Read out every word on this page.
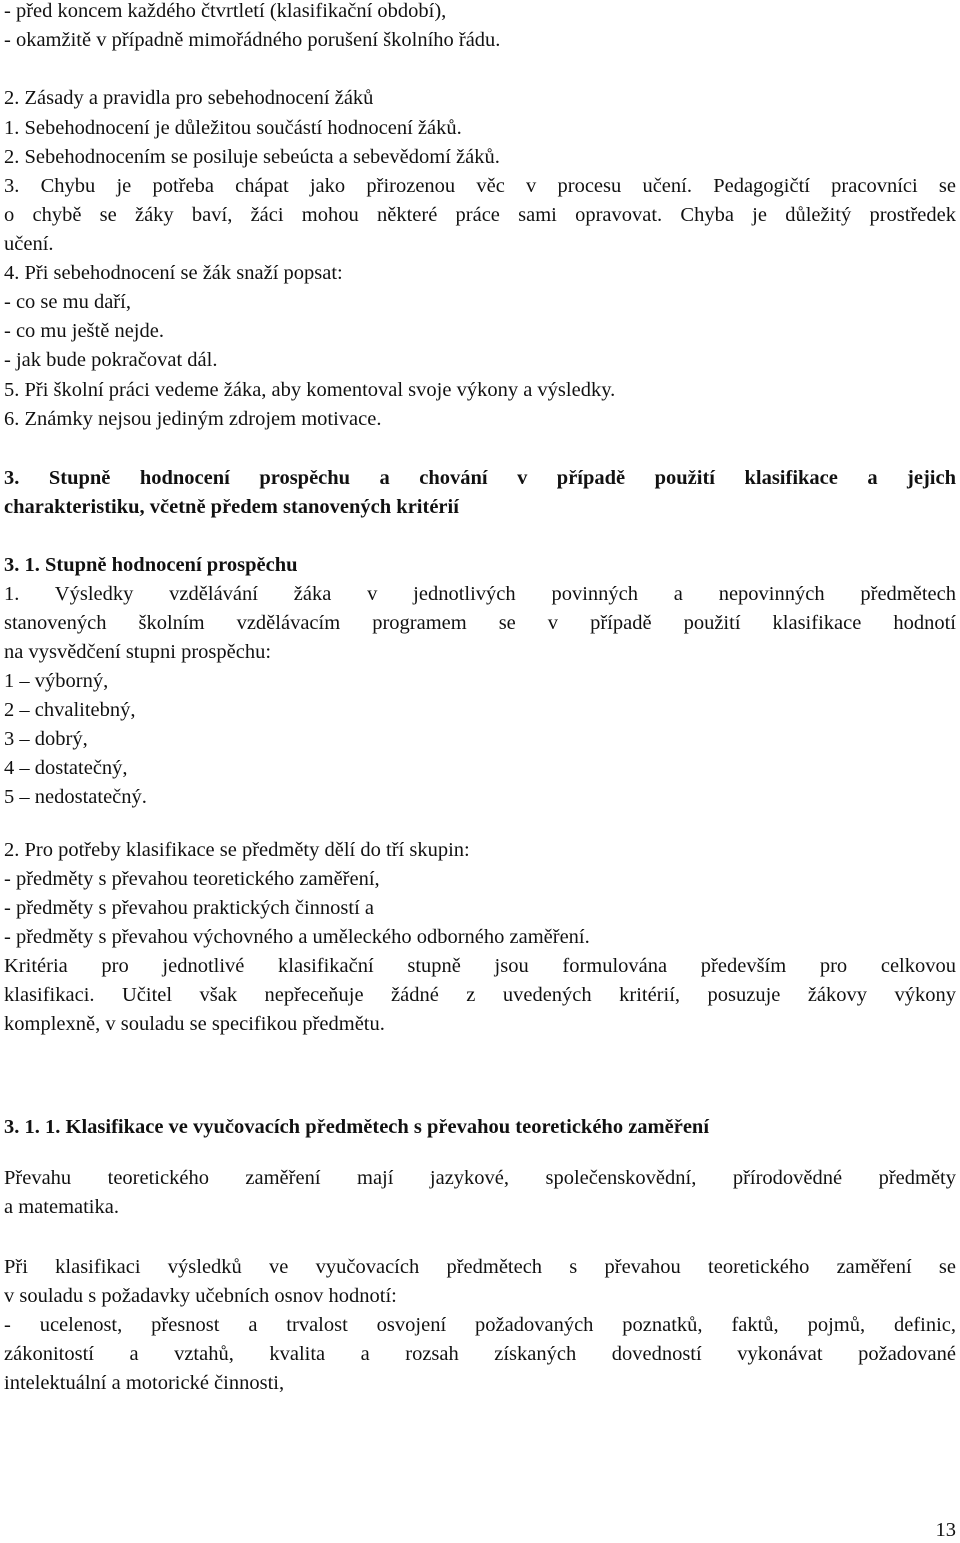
- před koncem každého čtvrtletí (klasifikační období),
- okamžitě v případně mimořádného porušení školního řádu.
2. Zásady a pravidla pro sebehodnocení žáků
1. Sebehodnocení je důležitou součástí hodnocení žáků.
2. Sebehodnocením se posiluje sebeúcta a sebevědomí žáků.
3. Chybu je potřeba chápat jako přirozenou věc v procesu učení. Pedagogičtí pracovníci se
o chybě se žáky baví, žáci mohou některé práce sami opravovat. Chyba je důležitý prostředek
učení.
4. Při sebehodnocení se žák snaží popsat:
- co se mu daří,
- co mu ještě nejde.
- jak bude pokračovat dál.
5. Při školní práci vedeme žáka, aby komentoval svoje výkony a výsledky.
6. Známky nejsou jediným zdrojem motivace.
3. Stupně hodnocení prospěchu a chování v případě použití klasifikace a jejich
charakteristiku, včetně předem stanovených kritérií
3. 1. Stupně hodnocení prospěchu
1. Výsledky vzdělávání žáka v jednotlivých povinných a nepovinných předmětech
stanovených školním vzdělávacím programem se v případě použití klasifikace hodnotí
na vysvědčení stupni prospěchu:
1 – výborný,
2 – chvalitebný,
3 – dobrý,
4 – dostatečný,
5 – nedostatečný.
2. Pro potřeby klasifikace se předměty dělí do tří skupin:
- předměty s převahou teoretického zaměření,
- předměty s převahou praktických činností a
- předměty s převahou výchovného a uměleckého odborného zaměření.
Kritéria pro jednotlivé klasifikační stupně jsou formulována především pro celkovou
klasifikaci. Učitel však nepřeceňuje žádné z uvedených kritérií, posuzuje žákovy výkony
komplexně, v souladu se specifikou předmětu.
3. 1. 1. Klasifikace ve vyučovacích předmětech s převahou teoretického zaměření
Převahu teoretického zaměření mají jazykové, společenskovědní, přírodovědné předměty
a matematika.
Při klasifikaci výsledků ve vyučovacích předmětech s převahou teoretického zaměření se
v souladu s požadavky učebních osnov hodnotí:
- ucelenost, přesnost a trvalost osvojení požadovaných poznatků, faktů, pojmů, definic,
zákonitostí a vztahů, kvalita a rozsah získaných dovedností vykonávat požadované
intelektuální a motorické činnosti,
13
